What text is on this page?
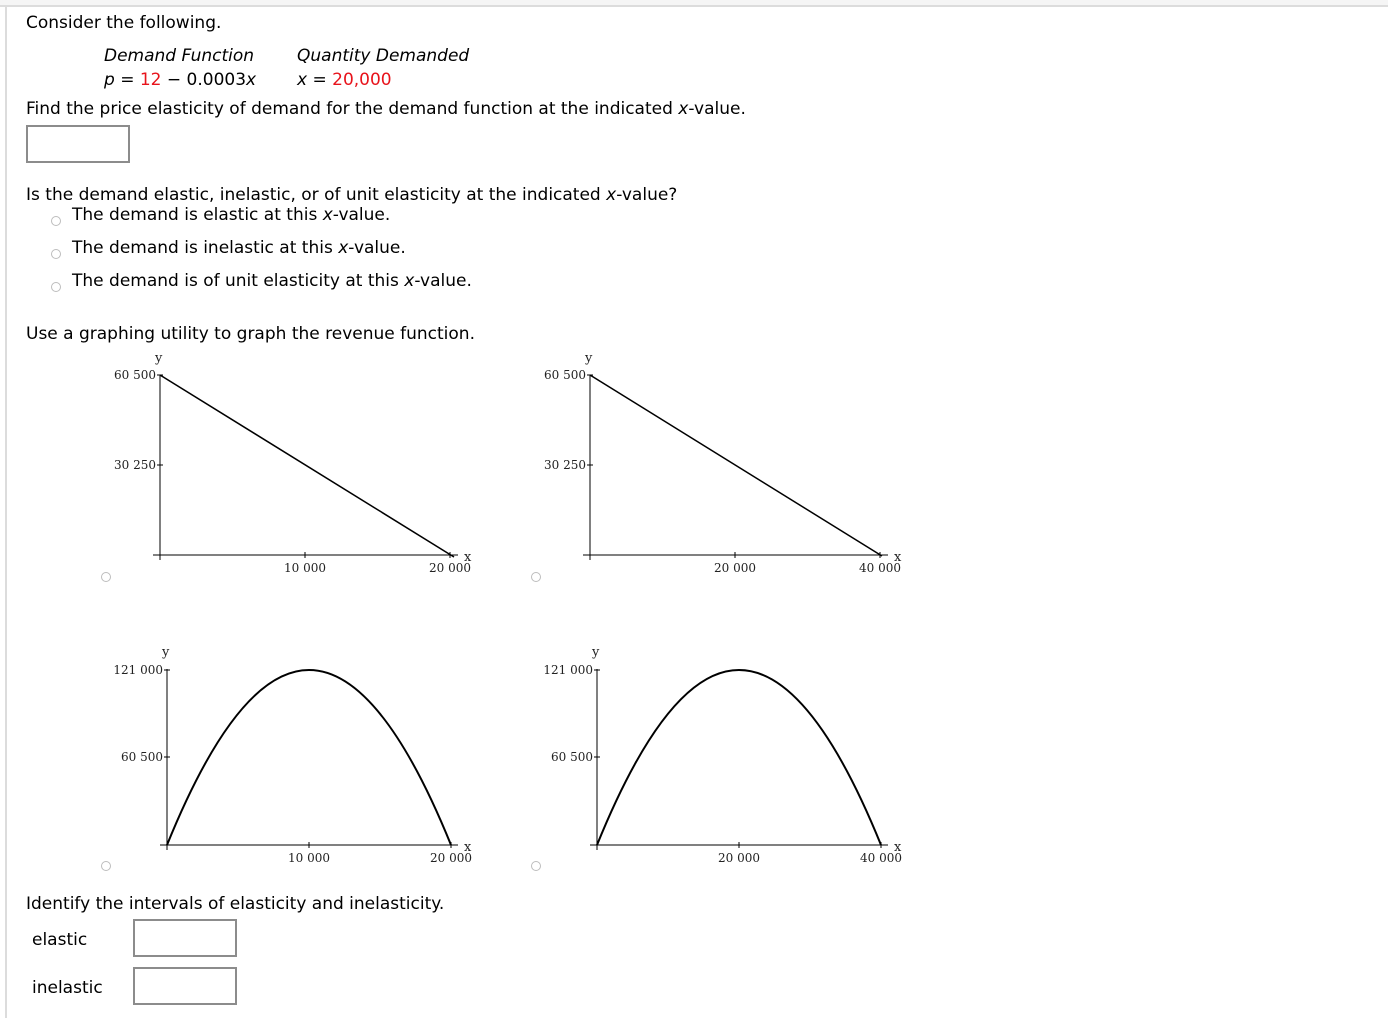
Consider the following.
Demand Function	Quantity Demanded
p = 12 − 0.0003x x = 20,000
Find the price elasticity of demand for the demand function at the indicated x-value.
Is the demand elastic, inelastic, or of unit elasticity at the indicated x-value?
The demand is elastic at this x-value.
The demand is inelastic at this x-value.
The demand is of unit elasticity at this x-value.
Use a graphing utility to graph the revenue function.
y
60 500
30 250
10 000	20 000
x
y
60 500
30 250
20 000	40 000
x
y
121 000
60 500
10 000	20 000
x
y
121 000
60 500
20 000	40 000
x
Identify the intervals of elasticity and inelasticity.
elastic
inelastic
